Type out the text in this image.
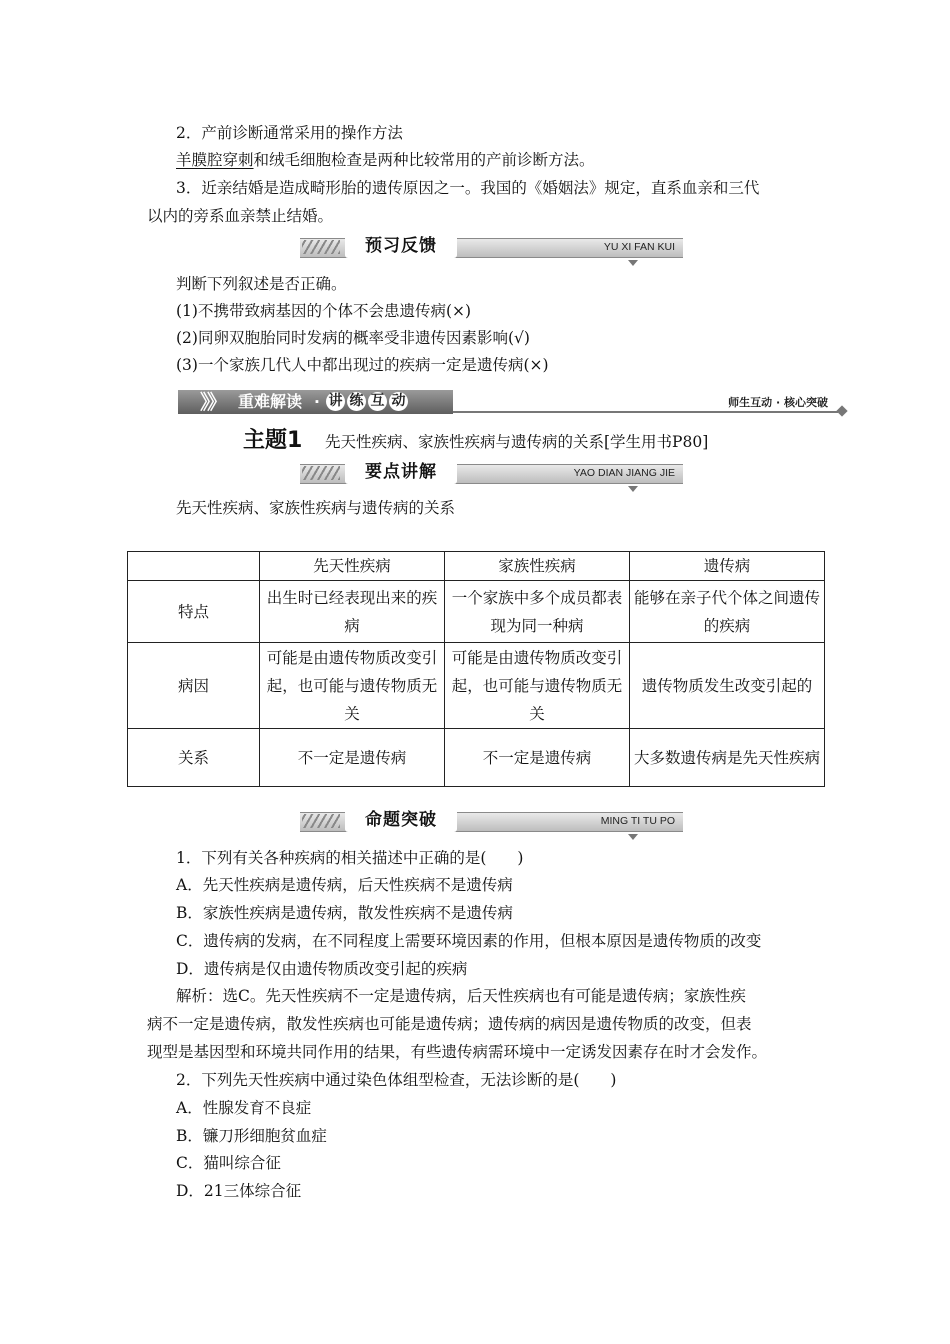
2．产前诊断通常采用的操作方法
羊膜腔穿刺和绒毛细胞检查是两种比较常用的产前诊断方法。
3．近亲结婚是造成畸形胎的遗传原因之一。我国的《婚姻法》规定，直系血亲和三代
以内的旁系血亲禁止结婚。
预习反馈	YU XI FAN KUI
判断下列叙述是否正确。
(1)不携带致病基因的个体不会患遗传病(×)
(2)同卵双胞胎同时发病的概率受非遗传因素影响(√)
(3)一个家族几代人中都出现过的疾病一定是遗传病(×)
》》 重难解读 · 讲 练 互 动	师生互动 · 核心突破
主题1 先天性疾病、家族性疾病与遗传病的关系[学生用书P80]
要点讲解	YAO DIAN JIANG JIE
先天性疾病、家族性疾病与遗传病的关系
	先天性疾病	家族性疾病	遗传病
特点	出生时已经表现出来的疾病	一个家族中多个成员都表现为同一种病	能够在亲子代个体之间遗传的疾病
病因	可能是由遗传物质改变引起，也可能与遗传物质无关	可能是由遗传物质改变引起，也可能与遗传物质无关	遗传物质发生改变引起的
关系	不一定是遗传病	不一定是遗传病	大多数遗传病是先天性疾病
命题突破	MING TI TU PO
1．下列有关各种疾病的相关描述中正确的是(　　)
A．先天性疾病是遗传病，后天性疾病不是遗传病
B．家族性疾病是遗传病，散发性疾病不是遗传病
C．遗传病的发病，在不同程度上需要环境因素的作用，但根本原因是遗传物质的改变
D．遗传病是仅由遗传物质改变引起的疾病
解析：选C。先天性疾病不一定是遗传病，后天性疾病也有可能是遗传病；家族性疾
病不一定是遗传病，散发性疾病也可能是遗传病；遗传病的病因是遗传物质的改变，但表
现型是基因型和环境共同作用的结果，有些遗传病需环境中一定诱发因素存在时才会发作。
2．下列先天性疾病中通过染色体组型检查，无法诊断的是(　　)
A．性腺发育不良症
B．镰刀形细胞贫血症
C．猫叫综合征
D．21三体综合征
